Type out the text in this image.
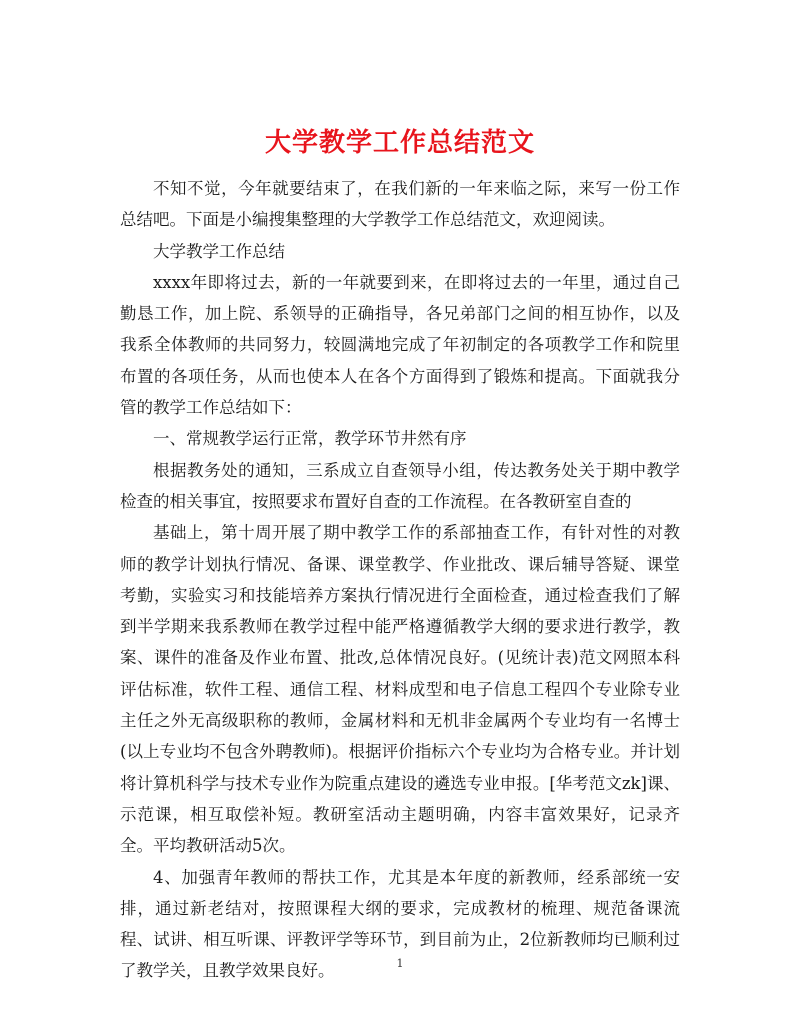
大学教学工作总结范文

不知不觉，今年就要结束了，在我们新的一年来临之际，来写一份工作总结吧。下面是小编搜集整理的大学教学工作总结范文，欢迎阅读。

大学教学工作总结

xxxx年即将过去，新的一年就要到来，在即将过去的一年里，通过自己勤恳工作，加上院、系领导的正确指导，各兄弟部门之间的相互协作，以及我系全体教师的共同努力，较圆满地完成了年初制定的各项教学工作和院里布置的各项任务，从而也使本人在各个方面得到了锻炼和提高。下面就我分管的教学工作总结如下：

一、常规教学运行正常，教学环节井然有序

根据教务处的通知，三系成立自查领导小组，传达教务处关于期中教学检查的相关事宜，按照要求布置好自查的工作流程。在各教研室自查的

基础上，第十周开展了期中教学工作的系部抽查工作，有针对性的对教师的教学计划执行情况、备课、课堂教学、作业批改、课后辅导答疑、课堂考勤，实验实习和技能培养方案执行情况进行全面检查，通过检查我们了解到半学期来我系教师在教学过程中能严格遵循教学大纲的要求进行教学，教案、课件的准备及作业布置、批改,总体情况良好。(见统计表)范文网照本科评估标准，软件工程、通信工程、材料成型和电子信息工程四个专业除专业主任之外无高级职称的教师，金属材料和无机非金属两个专业均有一名博士(以上专业均不包含外聘教师)。根据评价指标六个专业均为合格专业。并计划将计算机科学与技术专业作为院重点建设的遴选专业申报。[华考范文zk]课、示范课，相互取偿补短。教研室活动主题明确，内容丰富效果好，记录齐全。平均教研活动5次。

4、加强青年教师的帮扶工作，尤其是本年度的新教师，经系部统一安排，通过新老结对，按照课程大纲的要求，完成教材的梳理、规范备课流程、试讲、相互听课、评教评学等环节，到目前为止，2位新教师均已顺利过了教学关，且教学效果良好。	1
